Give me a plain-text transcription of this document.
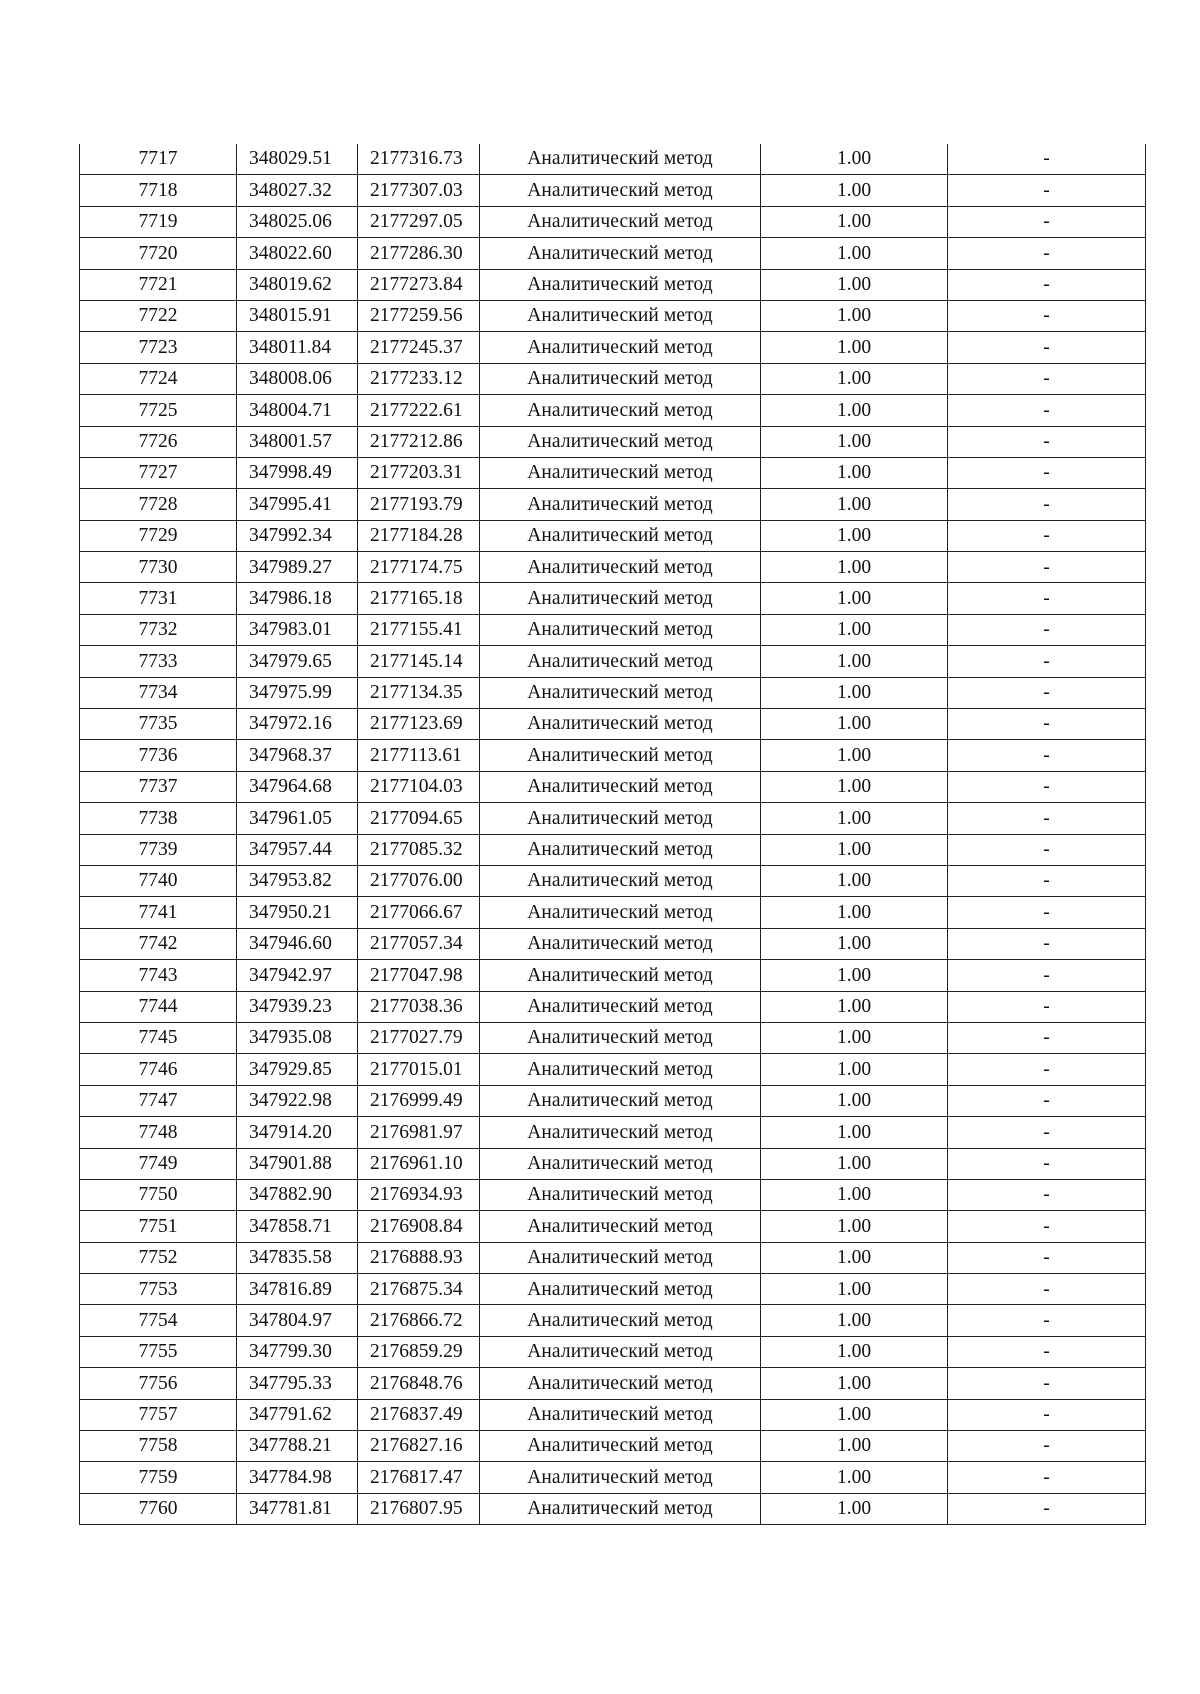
7717	348029.51	2177316.73	Аналитический метод	1.00	-
7718	348027.32	2177307.03	Аналитический метод	1.00	-
7719	348025.06	2177297.05	Аналитический метод	1.00	-
7720	348022.60	2177286.30	Аналитический метод	1.00	-
7721	348019.62	2177273.84	Аналитический метод	1.00	-
7722	348015.91	2177259.56	Аналитический метод	1.00	-
7723	348011.84	2177245.37	Аналитический метод	1.00	-
7724	348008.06	2177233.12	Аналитический метод	1.00	-
7725	348004.71	2177222.61	Аналитический метод	1.00	-
7726	348001.57	2177212.86	Аналитический метод	1.00	-
7727	347998.49	2177203.31	Аналитический метод	1.00	-
7728	347995.41	2177193.79	Аналитический метод	1.00	-
7729	347992.34	2177184.28	Аналитический метод	1.00	-
7730	347989.27	2177174.75	Аналитический метод	1.00	-
7731	347986.18	2177165.18	Аналитический метод	1.00	-
7732	347983.01	2177155.41	Аналитический метод	1.00	-
7733	347979.65	2177145.14	Аналитический метод	1.00	-
7734	347975.99	2177134.35	Аналитический метод	1.00	-
7735	347972.16	2177123.69	Аналитический метод	1.00	-
7736	347968.37	2177113.61	Аналитический метод	1.00	-
7737	347964.68	2177104.03	Аналитический метод	1.00	-
7738	347961.05	2177094.65	Аналитический метод	1.00	-
7739	347957.44	2177085.32	Аналитический метод	1.00	-
7740	347953.82	2177076.00	Аналитический метод	1.00	-
7741	347950.21	2177066.67	Аналитический метод	1.00	-
7742	347946.60	2177057.34	Аналитический метод	1.00	-
7743	347942.97	2177047.98	Аналитический метод	1.00	-
7744	347939.23	2177038.36	Аналитический метод	1.00	-
7745	347935.08	2177027.79	Аналитический метод	1.00	-
7746	347929.85	2177015.01	Аналитический метод	1.00	-
7747	347922.98	2176999.49	Аналитический метод	1.00	-
7748	347914.20	2176981.97	Аналитический метод	1.00	-
7749	347901.88	2176961.10	Аналитический метод	1.00	-
7750	347882.90	2176934.93	Аналитический метод	1.00	-
7751	347858.71	2176908.84	Аналитический метод	1.00	-
7752	347835.58	2176888.93	Аналитический метод	1.00	-
7753	347816.89	2176875.34	Аналитический метод	1.00	-
7754	347804.97	2176866.72	Аналитический метод	1.00	-
7755	347799.30	2176859.29	Аналитический метод	1.00	-
7756	347795.33	2176848.76	Аналитический метод	1.00	-
7757	347791.62	2176837.49	Аналитический метод	1.00	-
7758	347788.21	2176827.16	Аналитический метод	1.00	-
7759	347784.98	2176817.47	Аналитический метод	1.00	-
7760	347781.81	2176807.95	Аналитический метод	1.00	-
